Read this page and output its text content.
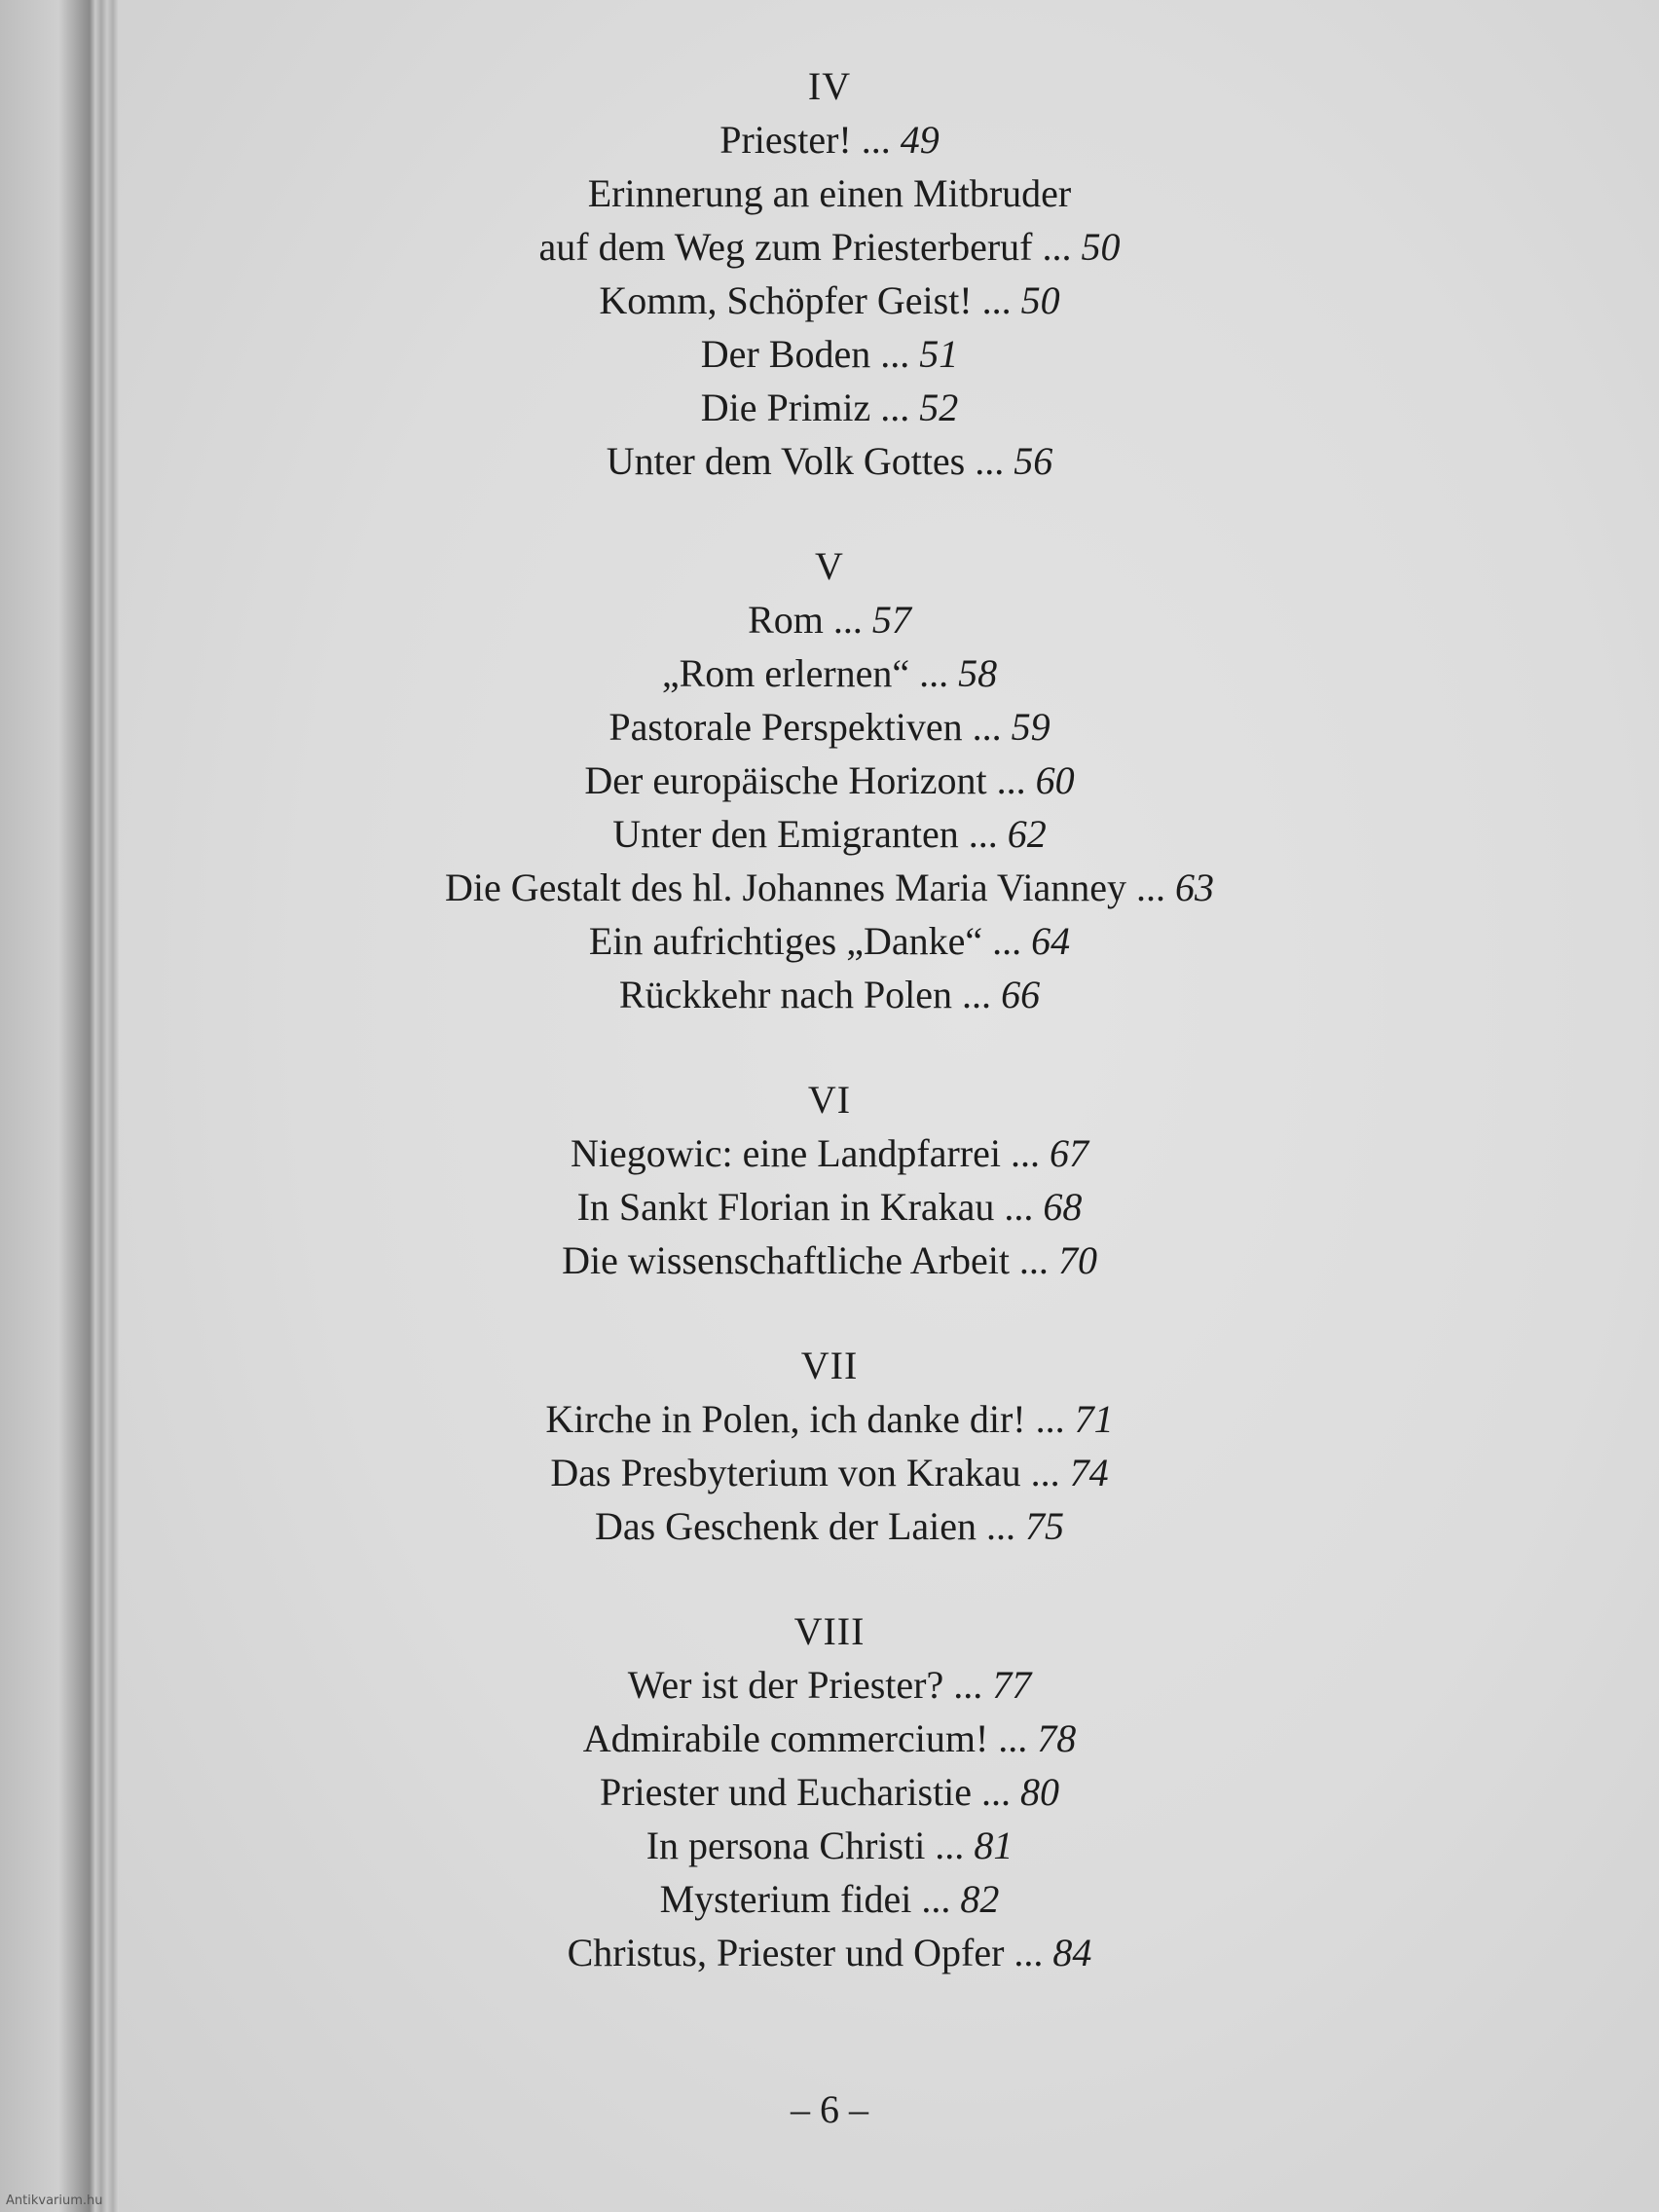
IV
Priester! ... 49
Erinnerung an einen Mitbruder
auf dem Weg zum Priesterberuf ... 50
Komm, Schöpfer Geist! ... 50
Der Boden ... 51
Die Primiz ... 52
Unter dem Volk Gottes ... 56
V
Rom ... 57
„Rom erlernen“ ... 58
Pastorale Perspektiven ... 59
Der europäische Horizont ... 60
Unter den Emigranten ... 62
Die Gestalt des hl. Johannes Maria Vianney ... 63
Ein aufrichtiges „Danke“ ... 64
Rückkehr nach Polen ... 66
VI
Niegowic: eine Landpfarrei ... 67
In Sankt Florian in Krakau ... 68
Die wissenschaftliche Arbeit ... 70
VII
Kirche in Polen, ich danke dir! ... 71
Das Presbyterium von Krakau ... 74
Das Geschenk der Laien ... 75
VIII
Wer ist der Priester? ... 77
Admirabile commercium! ... 78
Priester und Eucharistie ... 80
In persona Christi ... 81
Mysterium fidei ... 82
Christus, Priester und Opfer ... 84
– 6 –
Antikvarium.hu
